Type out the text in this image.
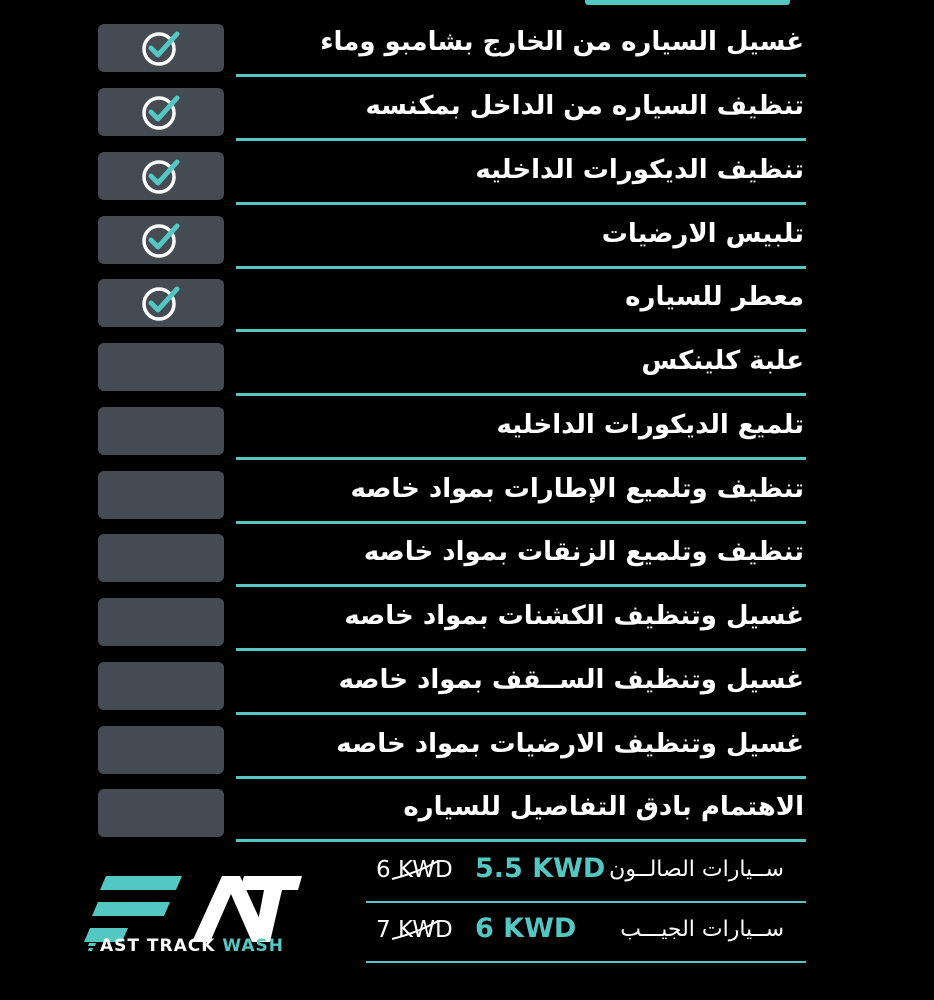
غسيل السياره من الخارج بشامبو وماء
تنظيف السياره من الداخل بمكنسه
تنظيف الديكورات الداخليه
تلبيس الارضيات
معطر للسياره
علبة كلينكس
تلميع الديكورات الداخليه
تنظيف وتلميع الإطارات بمواد خاصه
تنظيف وتلميع الزنقات بمواد خاصه
غسيل وتنظيف الكشنات بمواد خاصه
غسيل وتنظيف الســقف بمواد خاصه
غسيل وتنظيف الارضيات بمواد خاصه
الاهتمام بادق التفاصيل للسياره
ســيارات الصالــون
5.5 KWD
6 KWD
ســيارات الجيـــب
6 KWD
7 KWD
AST TRACK WASH
